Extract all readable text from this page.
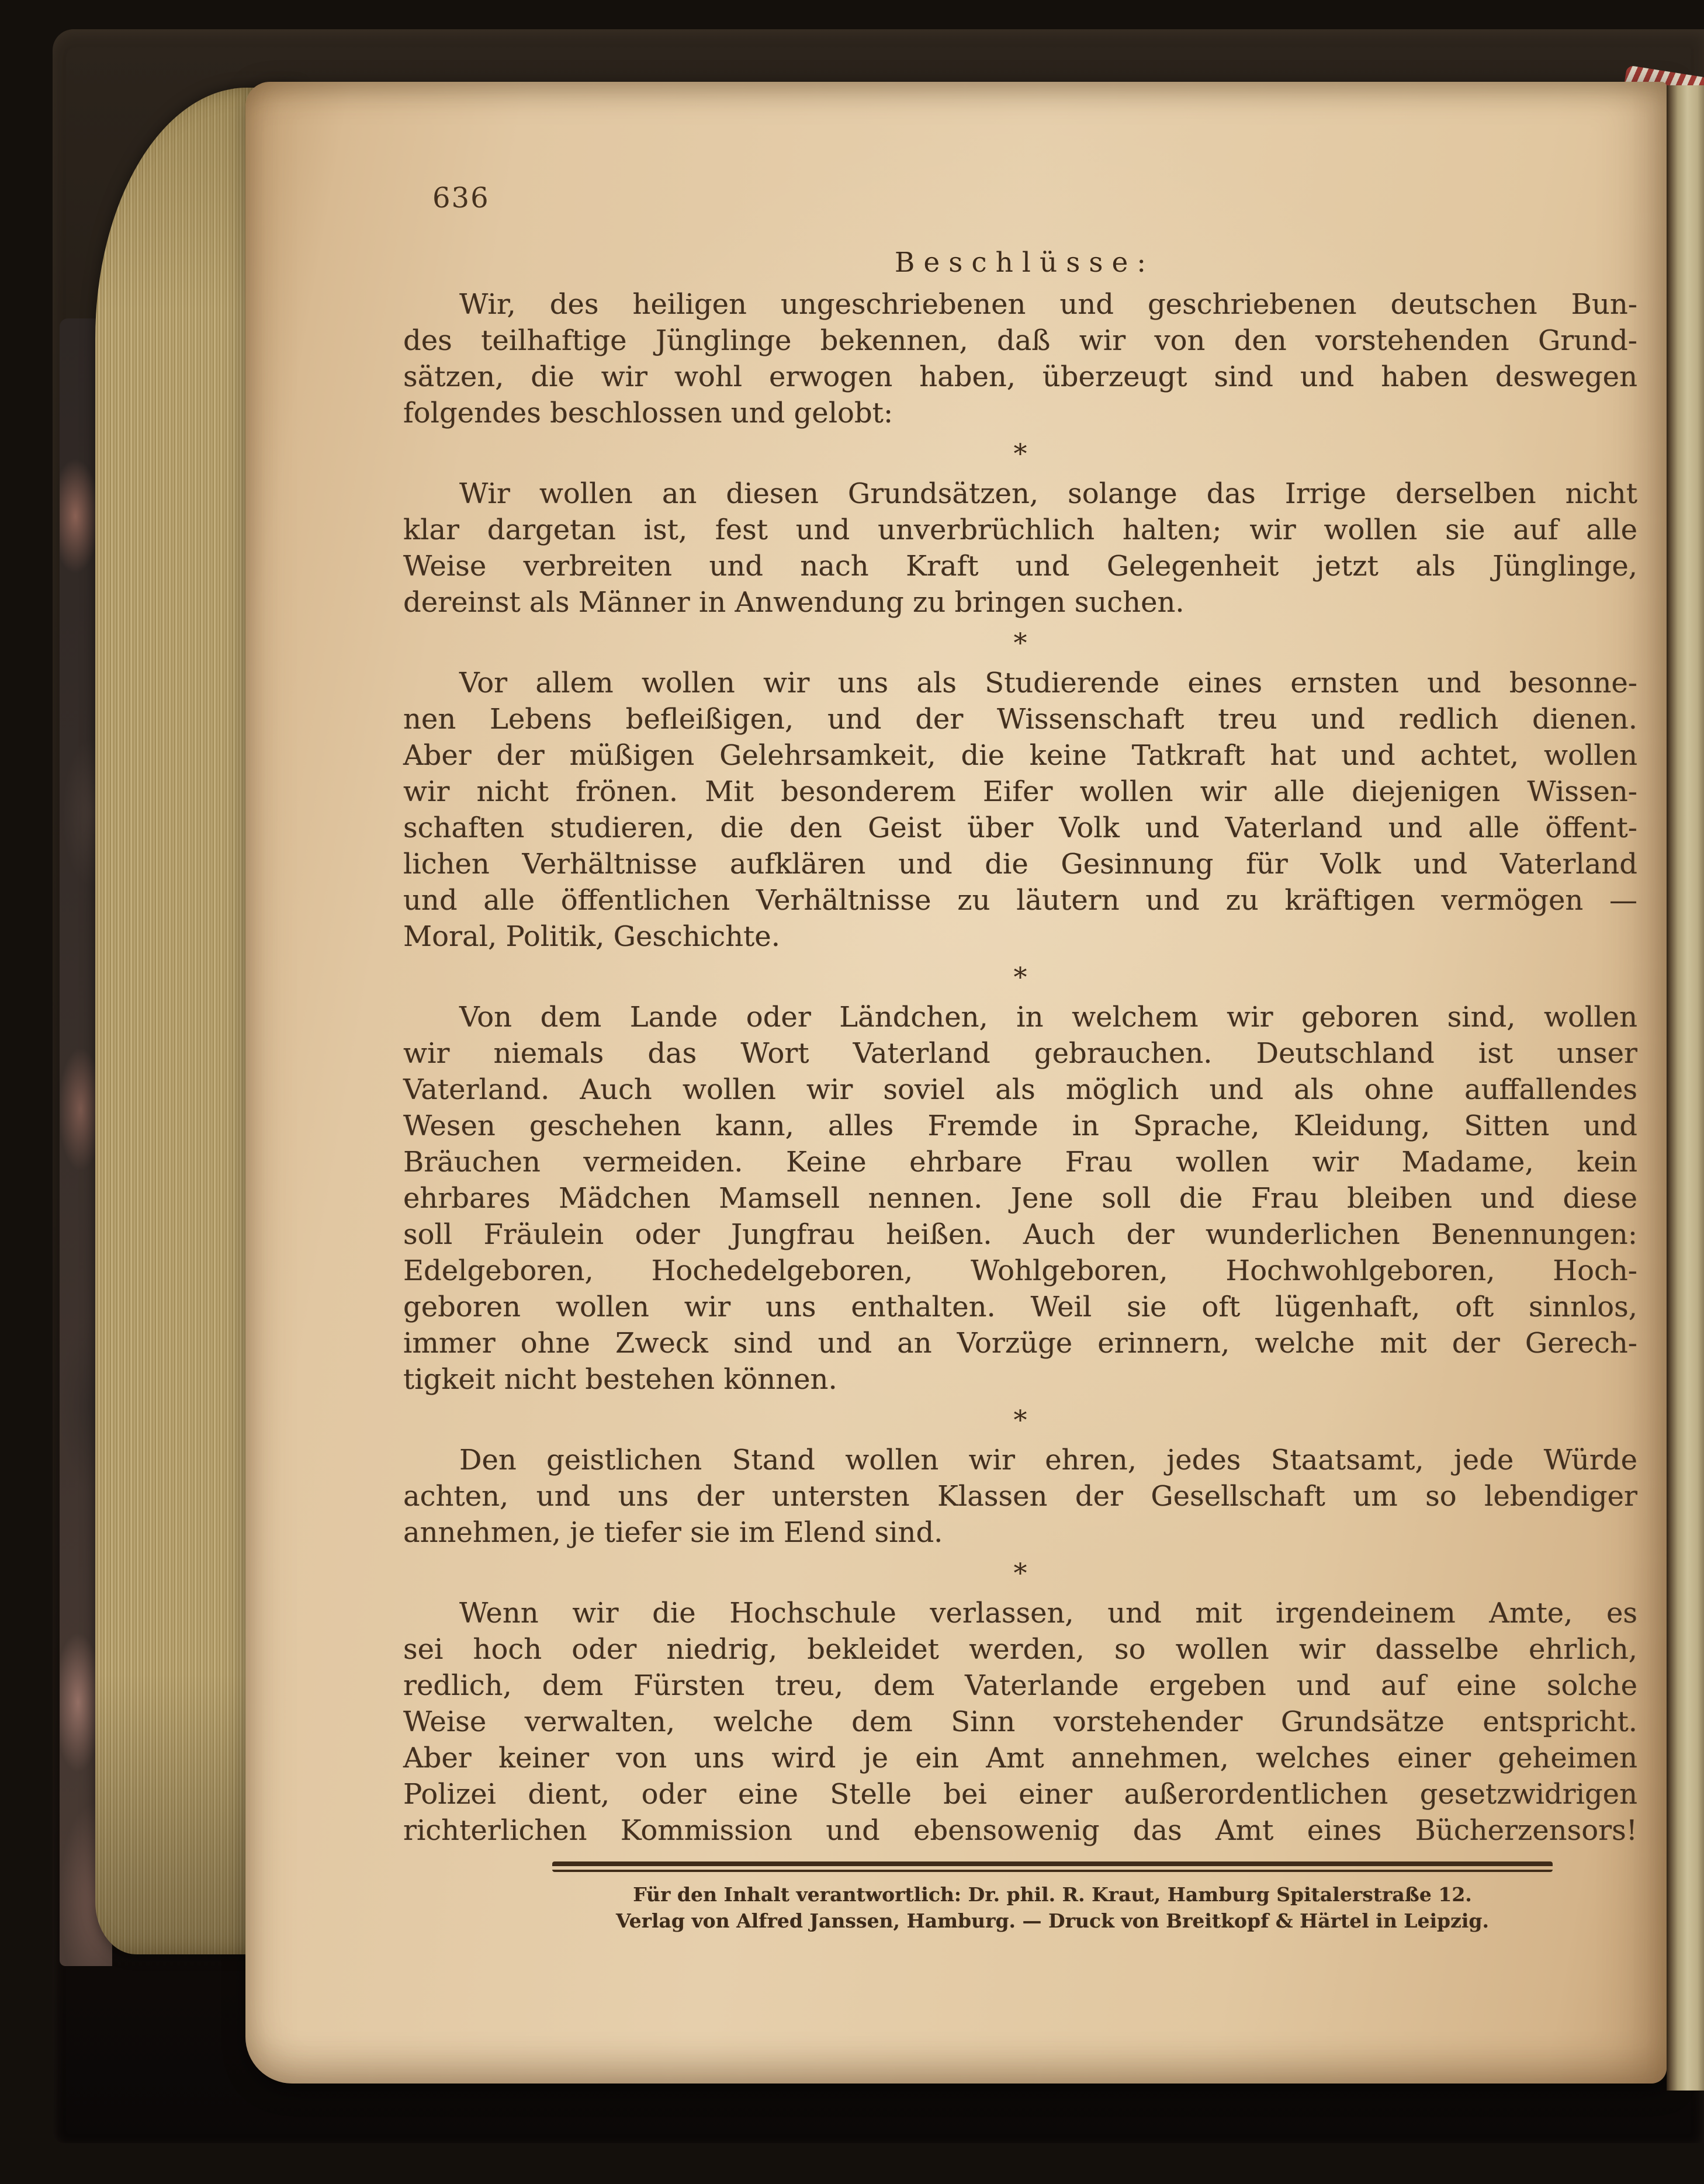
636
Beschlüsse:
Wir, des heiligen ungeschriebenen und geschriebenen deutschen Bun-
des teilhaftige Jünglinge bekennen, daß wir von den vorstehenden Grund-
sätzen, die wir wohl erwogen haben, überzeugt sind und haben deswegen
folgendes beschlossen und gelobt:
*
Wir wollen an diesen Grundsätzen, solange das Irrige derselben nicht
klar dargetan ist, fest und unverbrüchlich halten; wir wollen sie auf alle
Weise verbreiten und nach Kraft und Gelegenheit jetzt als Jünglinge,
dereinst als Männer in Anwendung zu bringen suchen.
*
Vor allem wollen wir uns als Studierende eines ernsten und besonne-
nen Lebens befleißigen, und der Wissenschaft treu und redlich dienen.
Aber der müßigen Gelehrsamkeit, die keine Tatkraft hat und achtet, wollen
wir nicht frönen. Mit besonderem Eifer wollen wir alle diejenigen Wissen-
schaften studieren, die den Geist über Volk und Vaterland und alle öffent-
lichen Verhältnisse aufklären und die Gesinnung für Volk und Vaterland
und alle öffentlichen Verhältnisse zu läutern und zu kräftigen vermögen —
Moral, Politik, Geschichte.
*
Von dem Lande oder Ländchen, in welchem wir geboren sind, wollen
wir niemals das Wort Vaterland gebrauchen. Deutschland ist unser
Vaterland. Auch wollen wir soviel als möglich und als ohne auffallendes
Wesen geschehen kann, alles Fremde in Sprache, Kleidung, Sitten und
Bräuchen vermeiden. Keine ehrbare Frau wollen wir Madame, kein
ehrbares Mädchen Mamsell nennen. Jene soll die Frau bleiben und diese
soll Fräulein oder Jungfrau heißen. Auch der wunderlichen Benennungen:
Edelgeboren, Hochedelgeboren, Wohlgeboren, Hochwohlgeboren, Hoch-
geboren wollen wir uns enthalten. Weil sie oft lügenhaft, oft sinnlos,
immer ohne Zweck sind und an Vorzüge erinnern, welche mit der Gerech-
tigkeit nicht bestehen können.
*
Den geistlichen Stand wollen wir ehren, jedes Staatsamt, jede Würde
achten, und uns der untersten Klassen der Gesellschaft um so lebendiger
annehmen, je tiefer sie im Elend sind.
*
Wenn wir die Hochschule verlassen, und mit irgendeinem Amte, es
sei hoch oder niedrig, bekleidet werden, so wollen wir dasselbe ehrlich,
redlich, dem Fürsten treu, dem Vaterlande ergeben und auf eine solche
Weise verwalten, welche dem Sinn vorstehender Grundsätze entspricht.
Aber keiner von uns wird je ein Amt annehmen, welches einer geheimen
Polizei dient, oder eine Stelle bei einer außerordentlichen gesetzwidrigen
richterlichen Kommission und ebensowenig das Amt eines Bücherzensors!
Für den Inhalt verantwortlich: Dr. phil. R. Kraut, Hamburg Spitalerstraße 12.
Verlag von Alfred Janssen, Hamburg. — Druck von Breitkopf & Härtel in Leipzig.
